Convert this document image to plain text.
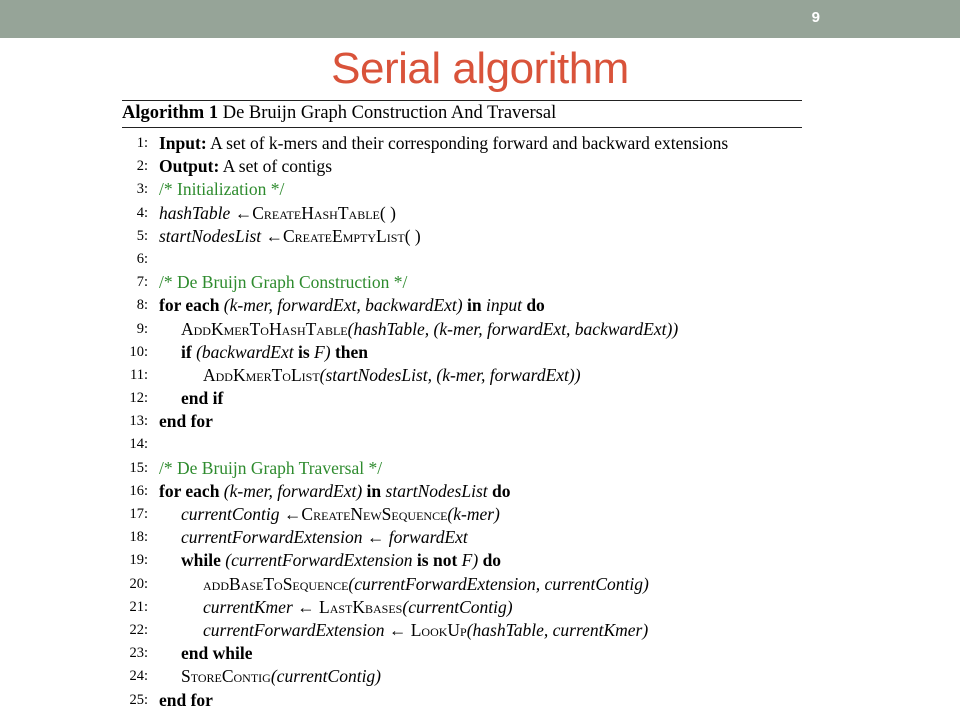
9
Serial algorithm
Algorithm 1 De Bruijn Graph Construction And Traversal
1: Input: A set of k-mers and their corresponding forward and backward extensions
2: Output: A set of contigs
3: /* Initialization */
4: hashTable ←CreateHashTable( )
5: startNodesList ←CreateEmptyList( )
6:
7: /* De Bruijn Graph Construction */
8: for each (k-mer, forwardExt, backwardExt) in input do
9: AddKmerToHashTable(hashTable, (k-mer, forwardExt, backwardExt))
10: if (backwardExt is F) then
11:	AddKmerToList(startNodesList, (k-mer, forwardExt))
12: end if
13: end for
14:
15: /* De Bruijn Graph Traversal */
16: for each (k-mer, forwardExt) in startNodesList do
17: currentContig ←CreateNewSequence(k-mer)
18: currentForwardExtension ← forwardExt
19: while (currentForwardExtension is not F) do
20:	addBaseToSequence(currentForwardExtension, currentContig)
21:	currentKmer ← LastKbases(currentContig)
22:	currentForwardExtension ← LookUp(hashTable, currentKmer)
23: end while
24: StoreContig(currentContig)
25: end for
